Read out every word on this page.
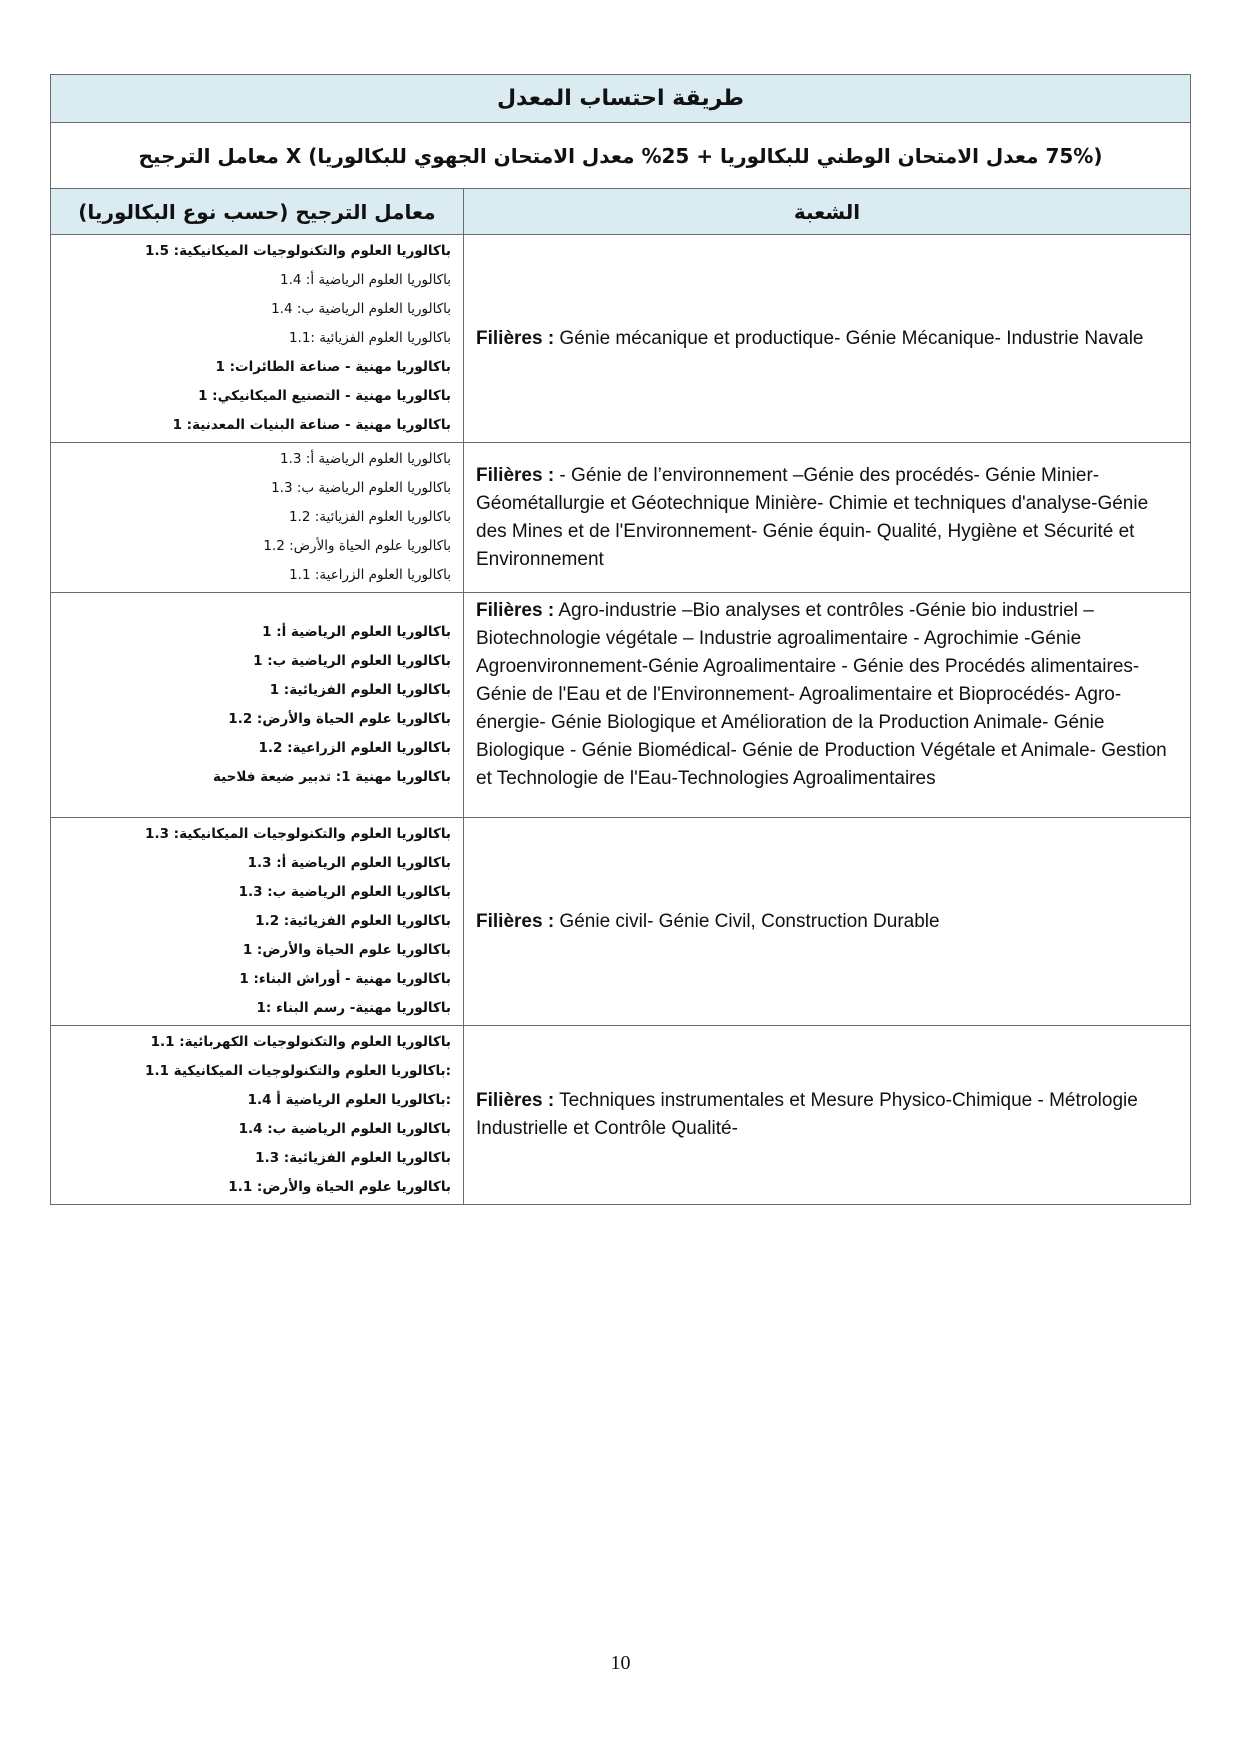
طريقة احتساب المعدل	
(75% معدل الامتحان الوطني للبكالوريا + 25% معدل الامتحان الجهوي للبكالوريا) X معامل الترجيح	
معامل الترجيح (حسب نوع البكالوريا)	الشعبة

باكالوريا العلوم والتكنولوجيات الميكانيكية: 1.5
باكالوريا العلوم الرياضية أ: 1.4
باكالوريا العلوم الرياضية ب: 1.4
باكالوريا العلوم الفزيائية :1.1
باكالوريا مهنية - صناعة الطائرات: 1
باكالوريا مهنية - التصنيع الميكانيكي: 1
باكالوريا مهنية - صناعة البنيات المعدنية: 1
	Filières : Génie mécanique et productique- Génie Mécanique- Industrie Navale

باكالوريا العلوم الرياضية أ: 1.3
باكالوريا العلوم الرياضية ب: 1.3
باكالوريا العلوم الفزيائية: 1.2
باكالوريا علوم الحياة والأرض: 1.2
باكالوريا العلوم الزراعية: 1.1
	Filières : - Génie de l’environnement –Génie des procédés- Génie Minier-Géométallurgie et Géotechnique Minière- Chimie et techniques d'analyse-Génie des Mines et de l'Environnement- Génie équin- Qualité, Hygiène et Sécurité et Environnement

باكالوريا العلوم الرياضية أ: 1
باكالوريا العلوم الرياضية ب: 1
باكالوريا العلوم الفزيائية: 1
باكالوريا علوم الحياة والأرض: 1.2
باكالوريا العلوم الزراعية: 1.2
باكالوريا مهنية 1: تدبير ضيعة فلاحية
	Filières : Agro-industrie –Bio analyses et contrôles -Génie bio industriel – Biotechnologie végétale – Industrie agroalimentaire - Agrochimie -Génie Agroenvironnement-Génie Agroalimentaire - Génie des Procédés alimentaires- Génie de l'Eau et de l'Environnement- Agroalimentaire et Bioprocédés- Agro-énergie- Génie Biologique et Amélioration de la Production Animale- Génie Biologique - Génie Biomédical- Génie de Production Végétale et Animale- Gestion et Technologie de l'Eau-Technologies Agroalimentaires

باكالوريا العلوم والتكنولوجيات الميكانيكية: 1.3
باكالوريا العلوم الرياضية أ: 1.3
باكالوريا العلوم الرياضية ب: 1.3
باكالوريا العلوم الفزيائية: 1.2
باكالوريا علوم الحياة والأرض: 1
باكالوريا مهنية - أوراش البناء: 1
باكالوريا مهنية- رسم البناء :1
	Filières : Génie civil- Génie Civil, Construction Durable

باكالوريا العلوم والتكنولوجيات الكهربائية: 1.1
:باكالوريا العلوم والتكنولوجيات الميكانيكية 1.1
:باكالوريا العلوم الرياضية أ 1.4
باكالوريا العلوم الرياضية ب: 1.4
باكالوريا العلوم الفزيائية: 1.3
باكالوريا علوم الحياة والأرض: 1.1
	Filières : Techniques instrumentales et Mesure Physico-Chimique - Métrologie Industrielle et Contrôle Qualité-
10
